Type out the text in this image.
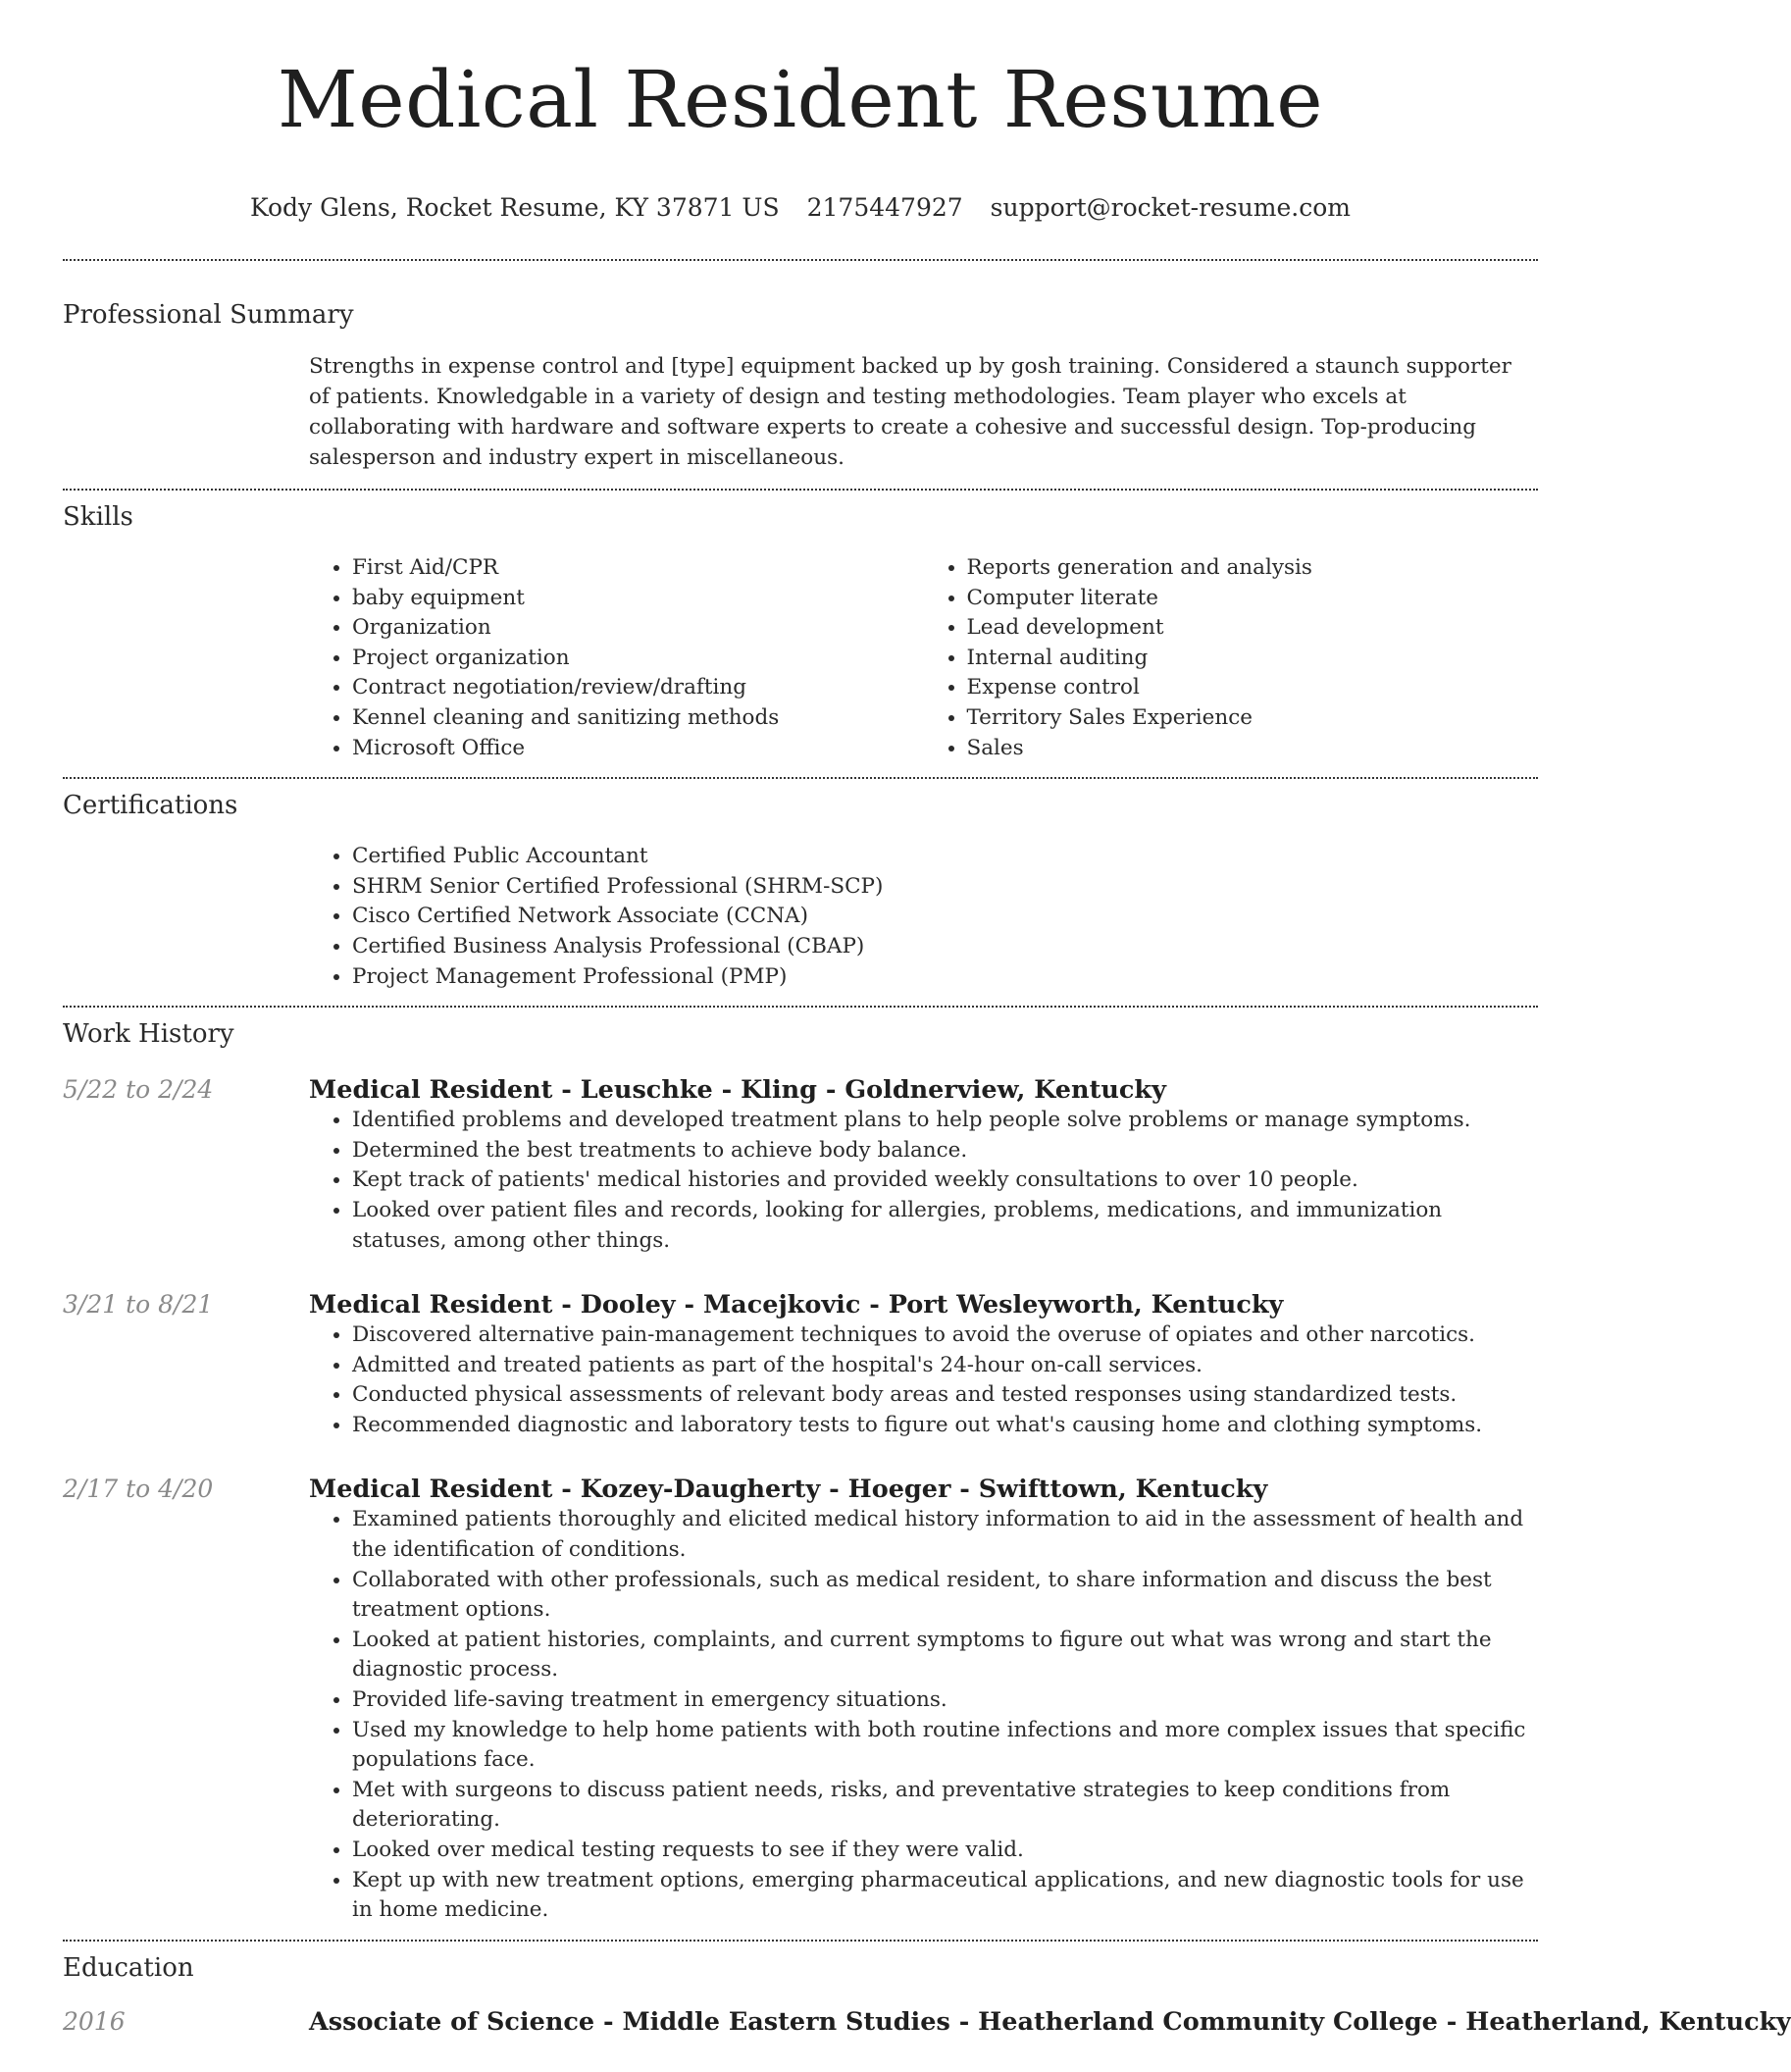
Medical Resident Resume
Kody Glens, Rocket Resume, KY 37871 US 2175447927 support@rocket-resume.com
Professional Summary

Strengths in expense control and [type] equipment backed up by gosh training. Considered a staunch supporter of patients. Knowledgable in a variety of design and testing methodologies. Team player who excels at collaborating with hardware and software experts to create a cohesive and successful design. Top-producing salesperson and industry expert in miscellaneous.

Skills
• First Aid/CPR
• baby equipment
• Organization
• Project organization
• Contract negotiation/review/drafting
• Kennel cleaning and sanitizing methods
• Microsoft Office
• Reports generation and analysis
• Computer literate
• Lead development
• Internal auditing
• Expense control
• Territory Sales Experience
• Sales
Certifications
• Certified Public Accountant
• SHRM Senior Certified Professional (SHRM-SCP)
• Cisco Certified Network Associate (CCNA)
• Certified Business Analysis Professional (CBAP)
• Project Management Professional (PMP)
Work History
5/22 to 2/24	Medical Resident - Leuschke - Kling - Goldnerview, Kentucky
• Identified problems and developed treatment plans to help people solve problems or manage symptoms.
• Determined the best treatments to achieve body balance.
• Kept track of patients' medical histories and provided weekly consultations to over 10 people.
• Looked over patient files and records, looking for allergies, problems, medications, and immunization statuses, among other things.
3/21 to 8/21	Medical Resident - Dooley - Macejkovic - Port Wesleyworth, Kentucky
• Discovered alternative pain-management techniques to avoid the overuse of opiates and other narcotics.
• Admitted and treated patients as part of the hospital's 24-hour on-call services.
• Conducted physical assessments of relevant body areas and tested responses using standardized tests.
• Recommended diagnostic and laboratory tests to figure out what's causing home and clothing symptoms.
2/17 to 4/20	Medical Resident - Kozey-Daugherty - Hoeger - Swifttown, Kentucky
• Examined patients thoroughly and elicited medical history information to aid in the assessment of health and the identification of conditions.
• Collaborated with other professionals, such as medical resident, to share information and discuss the best treatment options.
• Looked at patient histories, complaints, and current symptoms to figure out what was wrong and start the diagnostic process.
• Provided life-saving treatment in emergency situations.
• Used my knowledge to help home patients with both routine infections and more complex issues that specific populations face.
• Met with surgeons to discuss patient needs, risks, and preventative strategies to keep conditions from deteriorating.
• Looked over medical testing requests to see if they were valid.
• Kept up with new treatment options, emerging pharmaceutical applications, and new diagnostic tools for use in home medicine.
Education
2016	Associate of Science - Middle Eastern Studies - Heatherland Community College - Heatherland, Kentucky
